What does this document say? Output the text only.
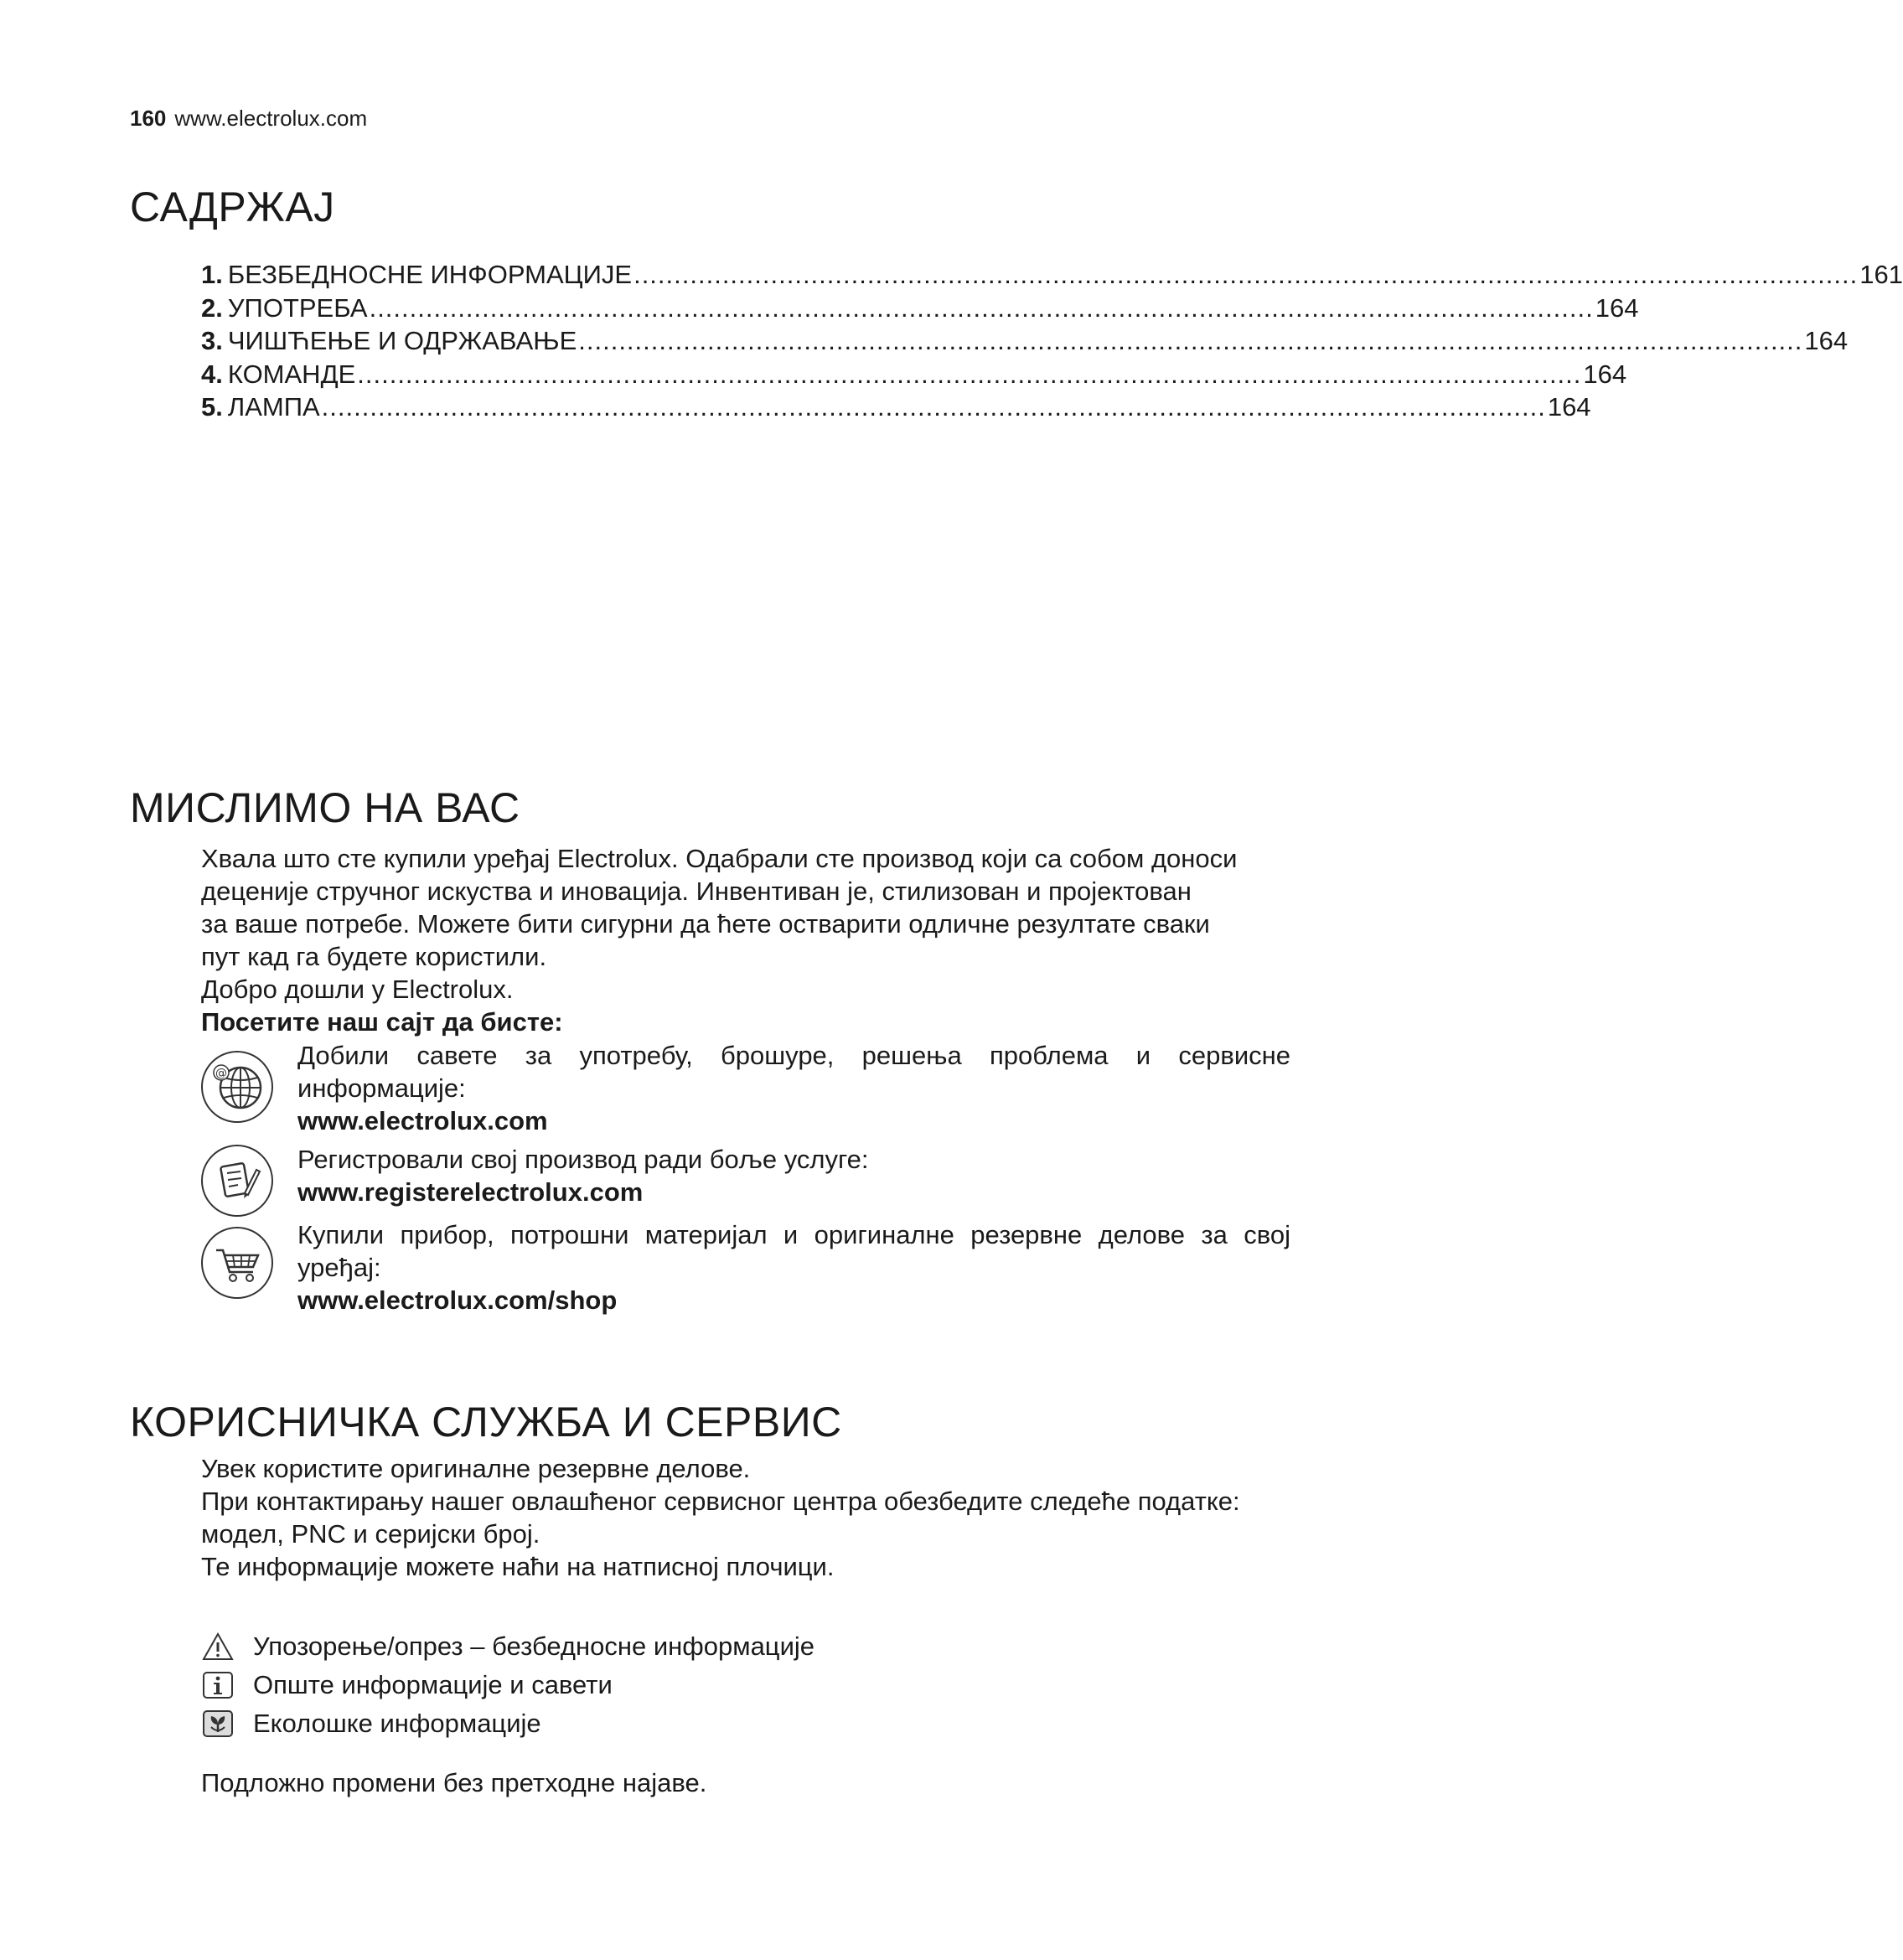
160 www.electrolux.com
САДРЖАЈ
1. БЕЗБЕДНОСНЕ ИНФОРМАЦИЈЕ ........................................................................................................................................................ 161
2. УПОТРЕБА ........................................................................................................................................................ 164
3. ЧИШЋЕЊЕ И ОДРЖАВАЊЕ ........................................................................................................................................................ 164
4. КОМАНДЕ ........................................................................................................................................................ 164
5. ЛАМПА ........................................................................................................................................................ 164
МИСЛИМО НА ВАС

Хвала што сте купили уређај Electrolux. Одабрали сте производ који са собом доноси

деценије стручног искуства и иновација. Инвентиван је, стилизован и пројектован

за ваше потребе. Можете бити сигурни да ћете остварити одличне резултате сваки

пут кад га будете користили.

Добро дошли у Electrolux.

Посетите наш сајт да бисте:

@
Добили савете за употребу, брошуре, решења проблема и сервисне
информације:
www.electrolux.com
Регистровали свој производ ради боље услуге:
www.registerelectrolux.com
Купили прибор, потрошни материјал и оригиналне резервне делове за свој
уређај:
www.electrolux.com/shop
КОРИСНИЧКА СЛУЖБА И СЕРВИС

Увек користите оригиналне резервне делове.

При контактирању нашег овлашћеног сервисног центра обезбедите следеће податке:

модел, PNC и серијски број.

Те информације можете наћи на натписној плочици.

Упозорење/опрез – безбедносне информације
Опште информације и савети
Еколошке информације
Подложно промени без претходне најаве.
